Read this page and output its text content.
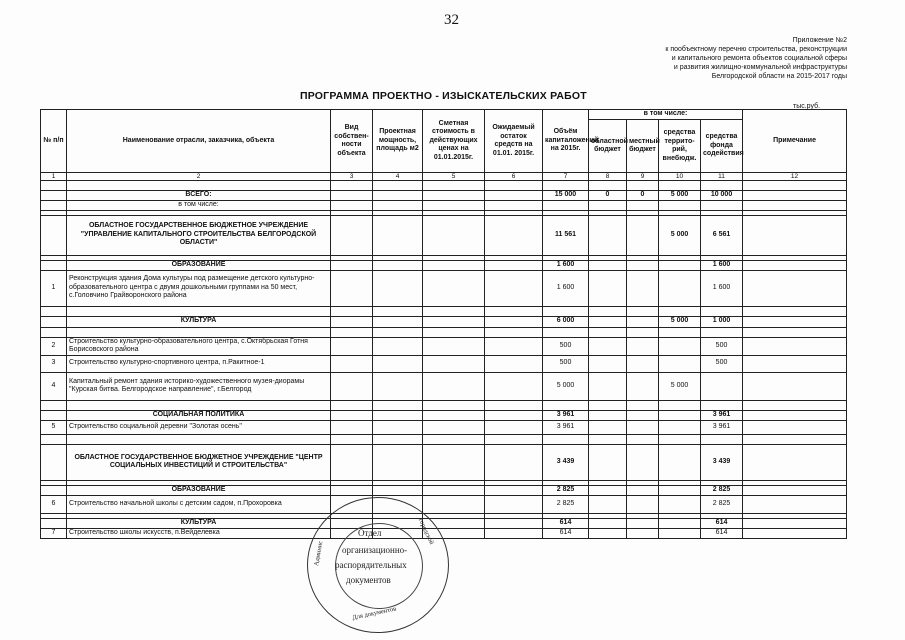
32
Приложение №2
к пообъектному перечню строительства, реконструкции
и капитального ремонта объектов социальной сферы
и развития жилищно-коммунальной инфраструктуры
Белгородской области на 2015-2017 годы
ПРОГРАММА ПРОЕКТНО - ИЗЫСКАТЕЛЬСКИХ РАБОТ
тыс.руб.
№ п/п	Наименование отрасли, заказчика, объекта	Вид собствен-ности объекта	Проектная мощность, площадь м2	Сметная стоимость в действующих ценах на 01.01.2015г.	Ожидаемый остаток средств на 01.01. 2015г.	Объём капиталожений на 2015г.	в том числе:				Примечание
							областной бюджет	местный бюджет	средства террито-рий, внебюдж.	средства фонда содействия	
1	2	3	4	5	6	7	8	9	10	11	12

	ВСЕГО:					15 000	0	0	5 000	10 000	
	в том числе:										

	ОБЛАСТНОЕ ГОСУДАРСТВЕННОЕ БЮДЖЕТНОЕ УЧРЕЖДЕНИЕ "УПРАВЛЕНИЕ КАПИТАЛЬНОГО СТРОИТЕЛЬСТВА БЕЛГОРОДСКОЙ ОБЛАСТИ"					11 561			5 000	6 561	

	ОБРАЗОВАНИЕ					1 600				1 600	
1	Реконструкция здания Дома культуры под размещение детского культурно-образовательного центра с двумя дошкольными группами на 50 мест, с.Головчино Грайворонского района					1 600				1 600	

	КУЛЬТУРА					6 000			5 000	1 000	

2	Строительство культурно-образовательного центра, с.Октябрьская Готня Борисовского района					500				500	
3	Строительство культурно-спортивного центра, п.Ракитное-1					500				500	
4	Капитальный ремонт здания историко-художественного музея-диорамы "Курская битва. Белгородское направление", г.Белгород					5 000			5 000		

	СОЦИАЛЬНАЯ ПОЛИТИКА					3 961				3 961	
5	Строительство социальной деревни "Золотая осень"					3 961				3 961	

	ОБЛАСТНОЕ ГОСУДАРСТВЕННОЕ БЮДЖЕТНОЕ УЧРЕЖДЕНИЕ "ЦЕНТР СОЦИАЛЬНЫХ ИНВЕСТИЦИЙ И СТРОИТЕЛЬСТВА"					3 439				3 439	

	ОБРАЗОВАНИЕ					2 825				2 825	
6	Строительство начальной школы с детским садом, п.Прохоровка					2 825				2 825	

	КУЛЬТУРА					614				614	
7	Строительство школы искусств, п.Вейделевка					614				614	
Отдел
организационно-
распорядительных
документов
Админис
городской
Для документов
